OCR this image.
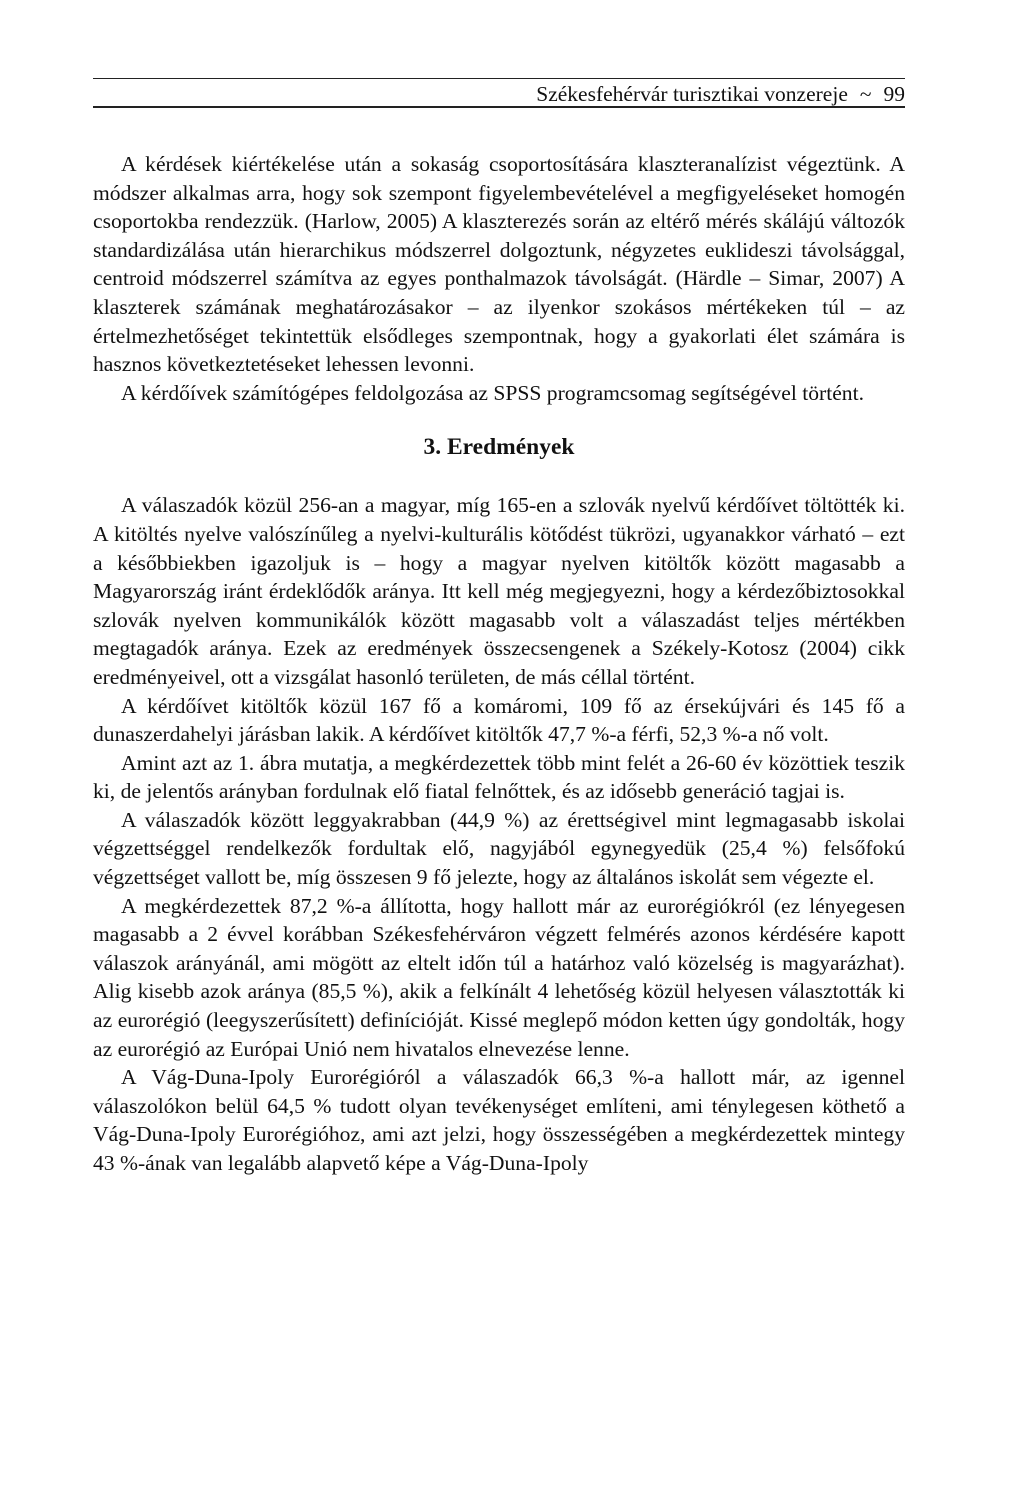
Székesfehérvár turisztikai vonzereje ~ 99

A kérdések kiértékelése után a sokaság csoportosítására klaszteranalízist végeztünk. A módszer alkalmas arra, hogy sok szempont figyelembevételével a megfigyeléseket homogén csoportokba rendezzük. (Harlow, 2005) A klaszterezés során az eltérő mérés skálájú változók standardizálása után hierarchikus módszerrel dolgoztunk, négyzetes euklideszi távolsággal, centroid módszerrel számítva az egyes ponthalmazok távolságát. (Härdle – Simar, 2007) A klaszterek számának meghatározásakor – az ilyenkor szokásos mértékeken túl – az értelmezhetőséget tekintettük elsődleges szempontnak, hogy a gyakorlati élet számára is hasznos következtetéseket lehessen levonni.

A kérdőívek számítógépes feldolgozása az SPSS programcsomag segítségével történt.

3. Eredmények

A válaszadók közül 256-an a magyar, míg 165-en a szlovák nyelvű kérdőívet töltötték ki. A kitöltés nyelve valószínűleg a nyelvi-kulturális kötődést tükrözi, ugyanakkor várható – ezt a későbbiekben igazoljuk is – hogy a magyar nyelven kitöltők között magasabb a Magyarország iránt érdeklődők aránya. Itt kell még megjegyezni, hogy a kérdezőbiztosokkal szlovák nyelven kommunikálók között magasabb volt a válaszadást teljes mértékben megtagadók aránya. Ezek az eredmények összecsengenek a Székely-Kotosz (2004) cikk eredményeivel, ott a vizsgálat hasonló területen, de más céllal történt.

A kérdőívet kitöltők közül 167 fő a komáromi, 109 fő az érsekújvári és 145 fő a dunaszerdahelyi járásban lakik. A kérdőívet kitöltők 47,7 %-a férfi, 52,3 %-a nő volt.

Amint azt az 1. ábra mutatja, a megkérdezettek több mint felét a 26-60 év közöttiek teszik ki, de jelentős arányban fordulnak elő fiatal felnőttek, és az idősebb generáció tagjai is.

A válaszadók között leggyakrabban (44,9 %) az érettségivel mint legmagasabb iskolai végzettséggel rendelkezők fordultak elő, nagyjából egynegyedük (25,4 %) felsőfokú végzettséget vallott be, míg összesen 9 fő jelezte, hogy az általános iskolát sem végezte el.

A megkérdezettek 87,2 %-a állította, hogy hallott már az eurorégiókról (ez lényegesen magasabb a 2 évvel korábban Székesfehérváron végzett felmérés azonos kérdésére kapott válaszok arányánál, ami mögött az eltelt időn túl a határhoz való közelség is magyarázhat). Alig kisebb azok aránya (85,5 %), akik a felkínált 4 lehetőség közül helyesen választották ki az eurorégió (leegyszerűsített) definícióját. Kissé meglepő módon ketten úgy gondolták, hogy az eurorégió az Európai Unió nem hivatalos elnevezése lenne.

A Vág-Duna-Ipoly Eurorégióról a válaszadók 66,3 %-a hallott már, az igennel válaszolókon belül 64,5 % tudott olyan tevékenységet említeni, ami ténylegesen köthető a Vág-Duna-Ipoly Eurorégióhoz, ami azt jelzi, hogy összességében a megkérdezettek mintegy 43 %-ának van legalább alapvető képe a Vág-Duna-Ipoly
